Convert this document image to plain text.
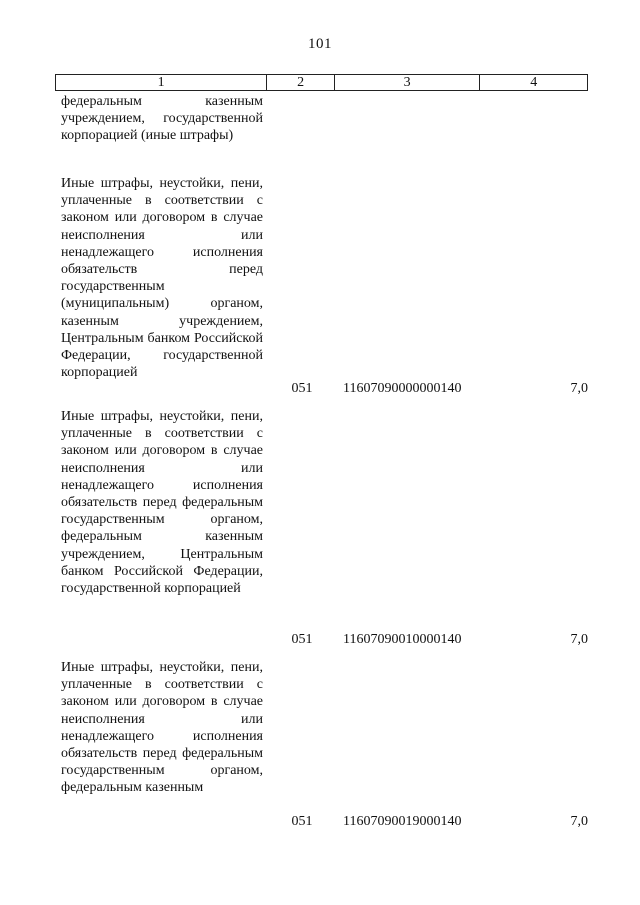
101
1	2	3	4
федеральным казенным учреждением, государственной корпорацией (иные штрафы)
Иные штрафы, неустойки, пени, уплаченные в соответствии с законом или договором в случае неисполнения или ненадлежащего исполнения обязательств перед государственным (муниципальным) органом, казенным учреждением, Центральным банком Российской Федерации, государственной корпорацией
051	11607090000000140	7,0
Иные штрафы, неустойки, пени, уплаченные в соответствии с законом или договором в случае неисполнения или ненадлежащего исполнения обязательств перед федеральным государственным органом, федеральным казенным учреждением, Центральным банком Российской Федерации, государственной корпорацией
051	11607090010000140	7,0
Иные штрафы, неустойки, пени, уплаченные в соответствии с законом или договором в случае неисполнения или ненадлежащего исполнения обязательств перед федеральным государственным органом, федеральным казенным
051	11607090019000140	7,0
